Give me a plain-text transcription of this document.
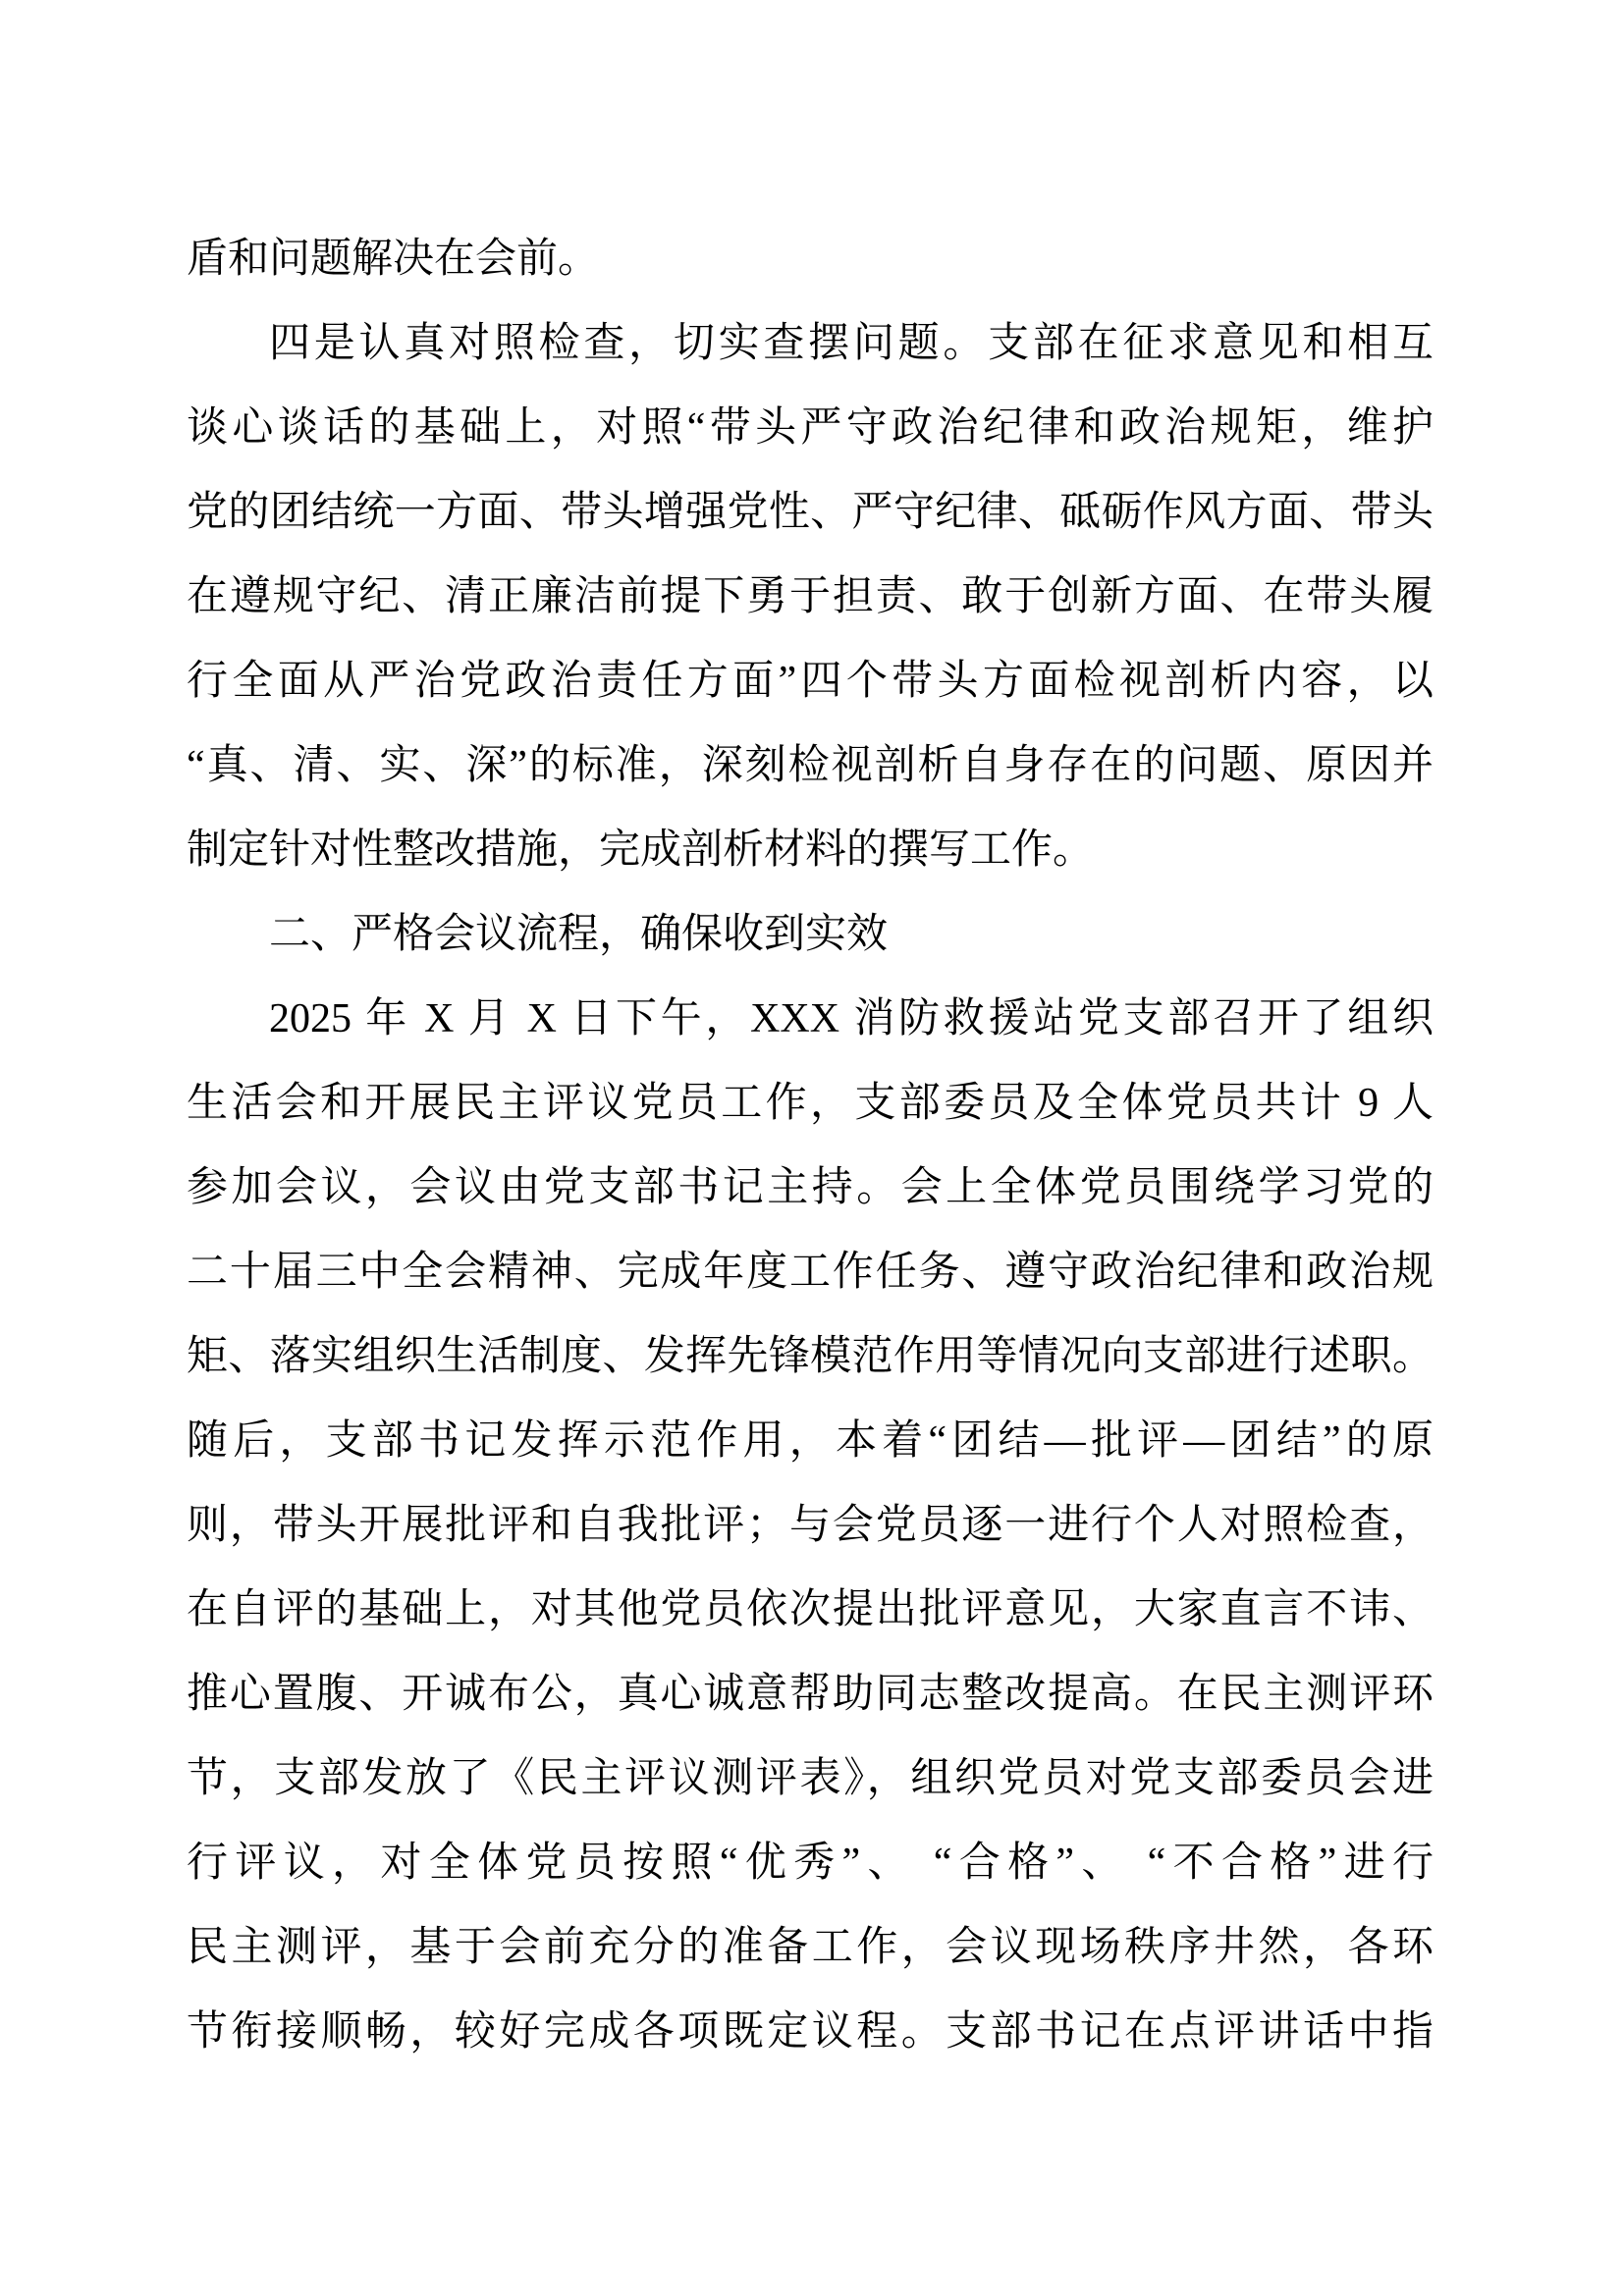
盾和问题解决在会前。
四是认真对照检查，切实查摆问题。支部在征求意见和相互
谈心谈话的基础上，对照“带头严守政治纪律和政治规矩，维护
党的团结统一方面、带头增强党性、严守纪律、砥砺作风方面、带头
在遵规守纪、清正廉洁前提下勇于担责、敢于创新方面、在带头履
行全面从严治党政治责任方面”四个带头方面检视剖析内容，以
“真、清、实、深”的标准，深刻检视剖析自身存在的问题、原因并
制定针对性整改措施，完成剖析材料的撰写工作。
二、严格会议流程，确保收到实效
2025 年 X 月 X 日下午，XXX 消防救援站党支部召开了组织
生活会和开展民主评议党员工作，支部委员及全体党员共计 9 人
参加会议，会议由党支部书记主持。会上全体党员围绕学习党的
二十届三中全会精神、完成年度工作任务、遵守政治纪律和政治规
矩、落实组织生活制度、发挥先锋模范作用等情况向支部进行述职。
随后，支部书记发挥示范作用，本着“团结—批评—团结”的原
则，带头开展批评和自我批评；与会党员逐一进行个人对照检查，
在自评的基础上，对其他党员依次提出批评意见，大家直言不讳、
推心置腹、开诚布公，真心诚意帮助同志整改提高。在民主测评环
节，支部发放了《民主评议测评表》，组织党员对党支部委员会进
行评议，对全体党员按照“优秀”、 “合格”、 “不合格”进行
民主测评，基于会前充分的准备工作，会议现场秩序井然，各环
节衔接顺畅，较好完成各项既定议程。支部书记在点评讲话中指
